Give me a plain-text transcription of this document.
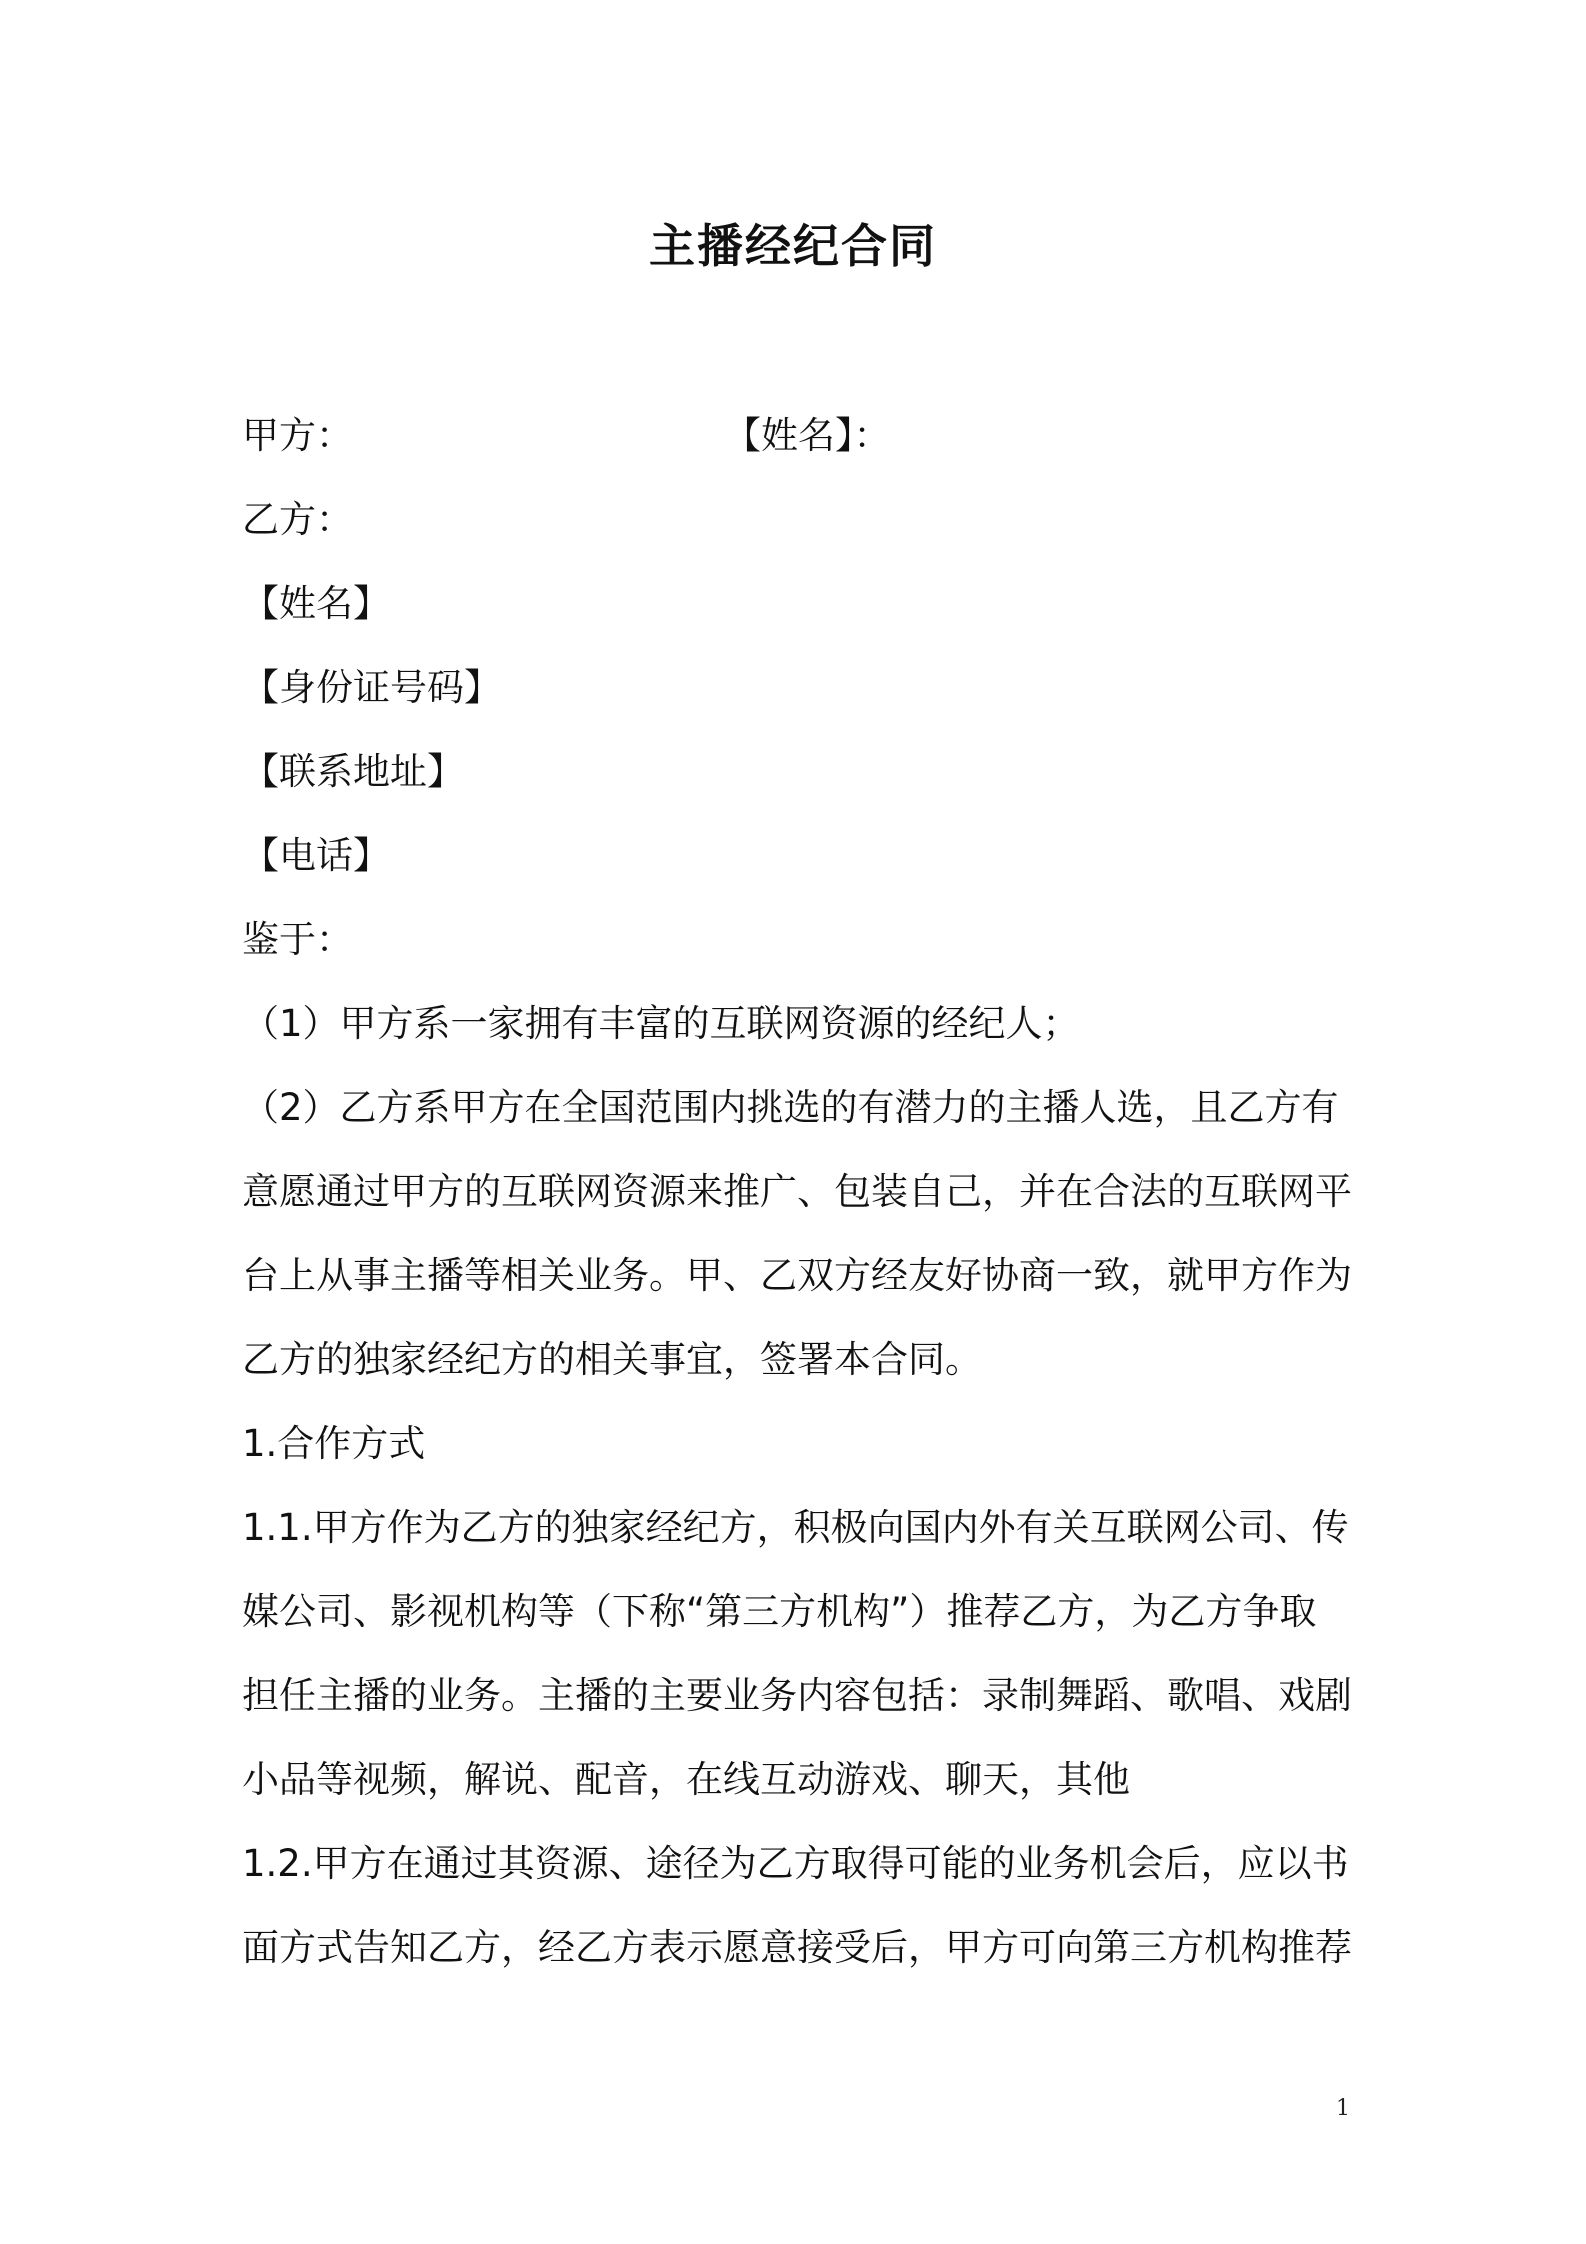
主播经纪合同
甲方：	【姓名】：
乙方：
【姓名】
【身份证号码】
【联系地址】
【电话】
鉴于：
（1）甲方系一家拥有丰富的互联网资源的经纪人；
（2）乙方系甲方在全国范围内挑选的有潜力的主播人选，且乙方有
意愿通过甲方的互联网资源来推广、包装自己，并在合法的互联网平
台上从事主播等相关业务。甲、乙双方经友好协商一致，就甲方作为
乙方的独家经纪方的相关事宜，签署本合同。
1.合作方式
1.1.甲方作为乙方的独家经纪方，积极向国内外有关互联网公司、传
媒公司、影视机构等（下称“第三方机构”）推荐乙方，为乙方争取
担任主播的业务。主播的主要业务内容包括：录制舞蹈、歌唱、戏剧
小品等视频，解说、配音，在线互动游戏、聊天，其他
1.2.甲方在通过其资源、途径为乙方取得可能的业务机会后，应以书
面方式告知乙方，经乙方表示愿意接受后，甲方可向第三方机构推荐
1
